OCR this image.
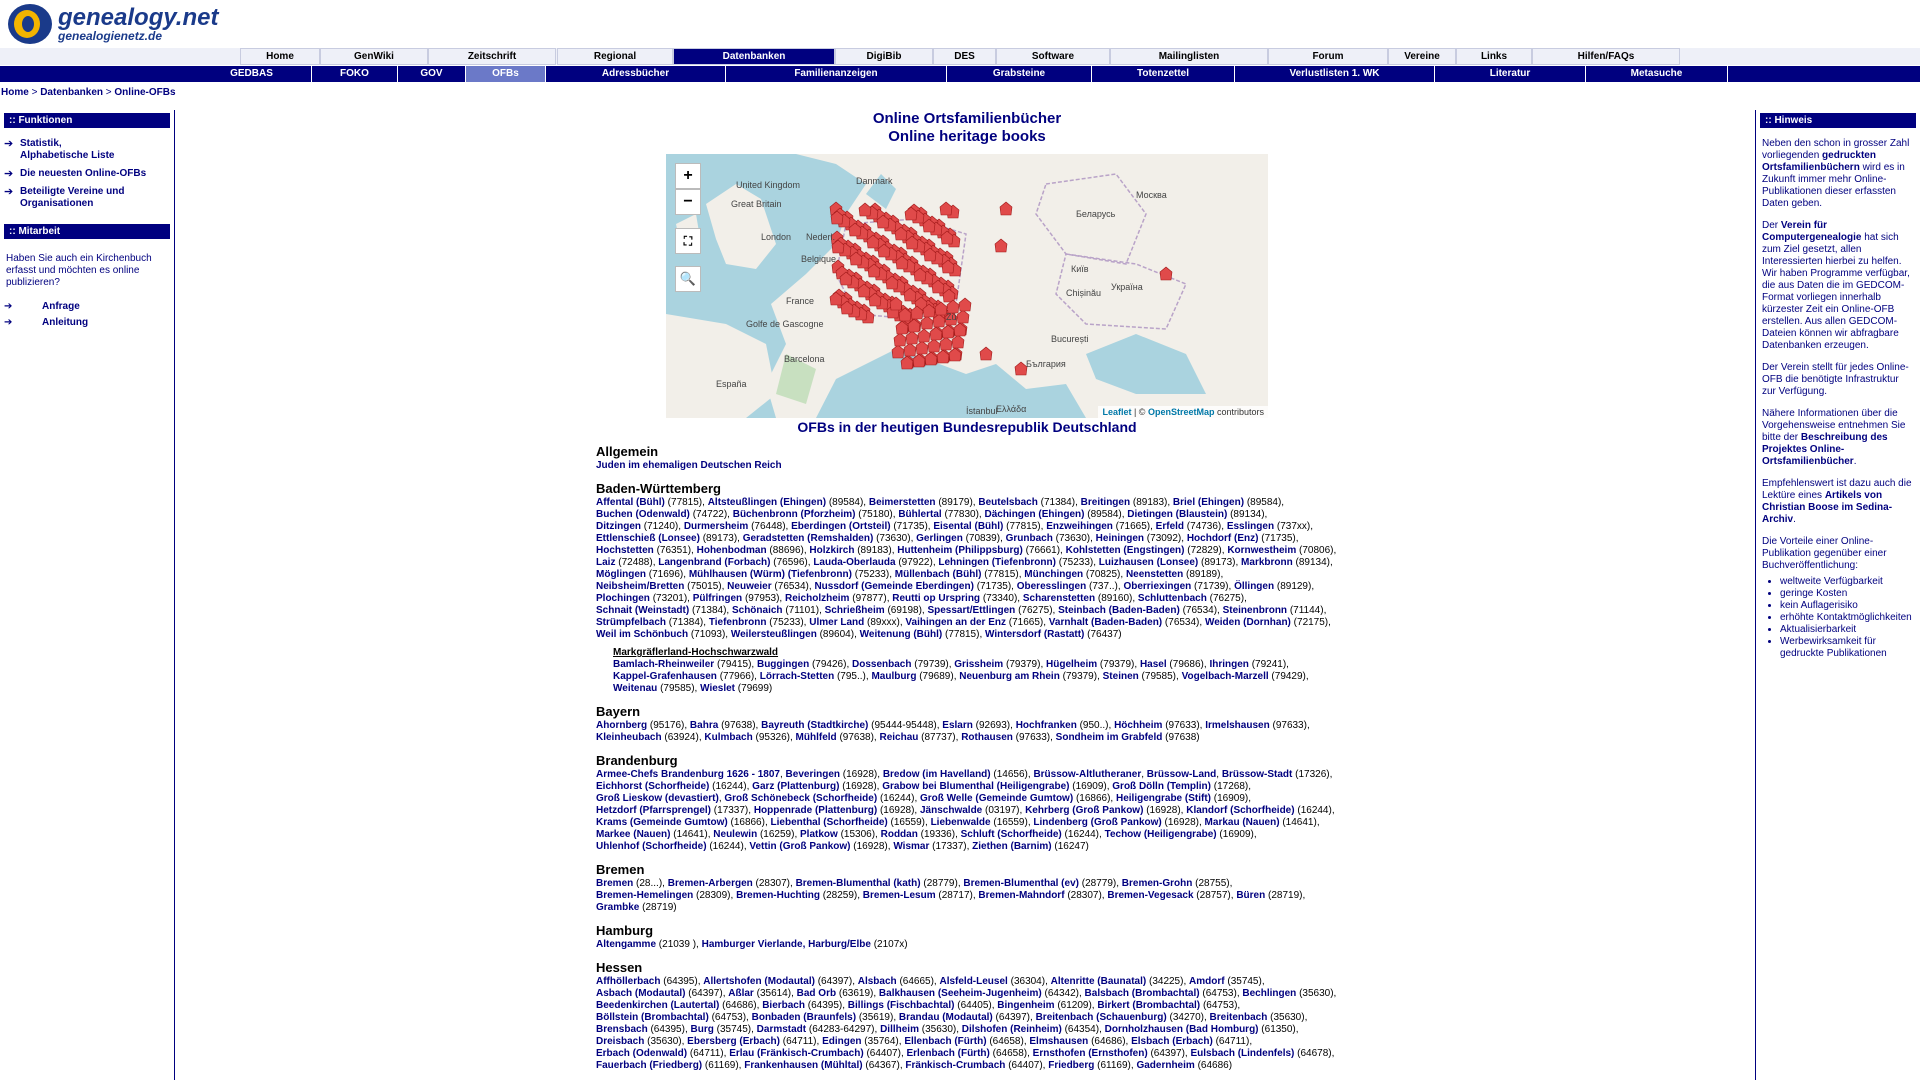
genealogy.net
genealogienetz.de
Home	GenWiki	Zeitschrift	Regional	Datenbanken	DigiBib	DES	Software	Mailinglisten	Forum	Vereine	Links	Hilfen/FAQs
GEDBAS	FOKO	GOV	OFBs	Adressbücher	Familienanzeigen	Grabsteine	Totenzettel	Verlustlisten 1. WK	Literatur	Metasuche
Home > Datenbanken > Online-OFBs
:: Funktionen
➔ Statistik,
Alphabetische Liste
➔ Die neuesten Online-OFBs
➔ Beteiligte Vereine und
Organisationen
:: Mitarbeit
Haben Sie auch ein Kirchenbuch erfasst und möchten es online publizieren?
➔	Anfrage
➔	Anleitung
Online Ortsfamilienbücher
Online heritage books
United Kingdom
Great Britain
London
Danmark
Nederl.
Belgique
France
Golfe de Gascogne
Barcelona
España
Москва
Беларусь
Київ
Україна
Chișinău
București
България
İstanbul
Zü
Ελλάδα
+
−
⛶
🔍
Leaflet | © OpenStreetMap contributors
OFBs in der heutigen Bundesrepublik Deutschland
Allgemein
Juden im ehemaligen Deutschen Reich
Baden-Württemberg
Affental (Bühl) (77815), Altsteußlingen (Ehingen) (89584), Beimerstetten (89179), Beutelsbach (71384), Breitingen (89183), Briel (Ehingen) (89584), Buchen (Odenwald) (74722), Büchenbronn (Pforzheim) (75180), Bühlertal (77830), Dächingen (Ehingen) (89584), Dietingen (Blaustein) (89134), Ditzingen (71240), Durmersheim (76448), Eberdingen (Ortsteil) (71735), Eisental (Bühl) (77815), Enzweihingen (71665), Erfeld (74736), Esslingen (737xx), Ettlenschieß (Lonsee) (89173), Geradstetten (Remshalden) (73630), Gerlingen (70839), Grunbach (73630), Heiningen (73092), Hochdorf (Enz) (71735), Hochstetten (76351), Hohenbodman (88696), Holzkirch (89183), Huttenheim (Philippsburg) (76661), Kohlstetten (Engstingen) (72829), Kornwestheim (70806), Laiz (72488), Langenbrand (Forbach) (76596), Lauda-Oberlauda (97922), Lehningen (Tiefenbronn) (75233), Luizhausen (Lonsee) (89173), Markbronn (89134), Möglingen (71696), Mühlhausen (Würm) (Tiefenbronn) (75233), Müllenbach (Bühl) (77815), Münchingen (70825), Neenstetten (89189), Neibsheim/Bretten (75015), Neuweier (76534), Nussdorf (Gemeinde Eberdingen) (71735), Oberesslingen (737..), Oberriexingen (71739), Öllingen (89129), Plochingen (73201), Pülfringen (97953), Reicholzheim (97877), Reutti op Urspring (73340), Scharenstetten (89160), Schluttenbach (76275), Schnait (Weinstadt) (71384), Schönaich (71101), Schrießheim (69198), Spessart/Ettlingen (76275), Steinbach (Baden-Baden) (76534), Steinenbronn (71144), Strümpfelbach (71384), Tiefenbronn (75233), Ulmer Land (89xxx), Vaihingen an der Enz (71665), Varnhalt (Baden-Baden) (76534), Weiden (Dornhan) (72175), Weil im Schönbuch (71093), Weilersteußlingen (89604), Weitenung (Bühl) (77815), Wintersdorf (Rastatt) (76437)
Markgräflerland-Hochschwarzwald
Bamlach-Rheinweiler (79415), Buggingen (79426), Dossenbach (79739), Grissheim (79379), Hügelheim (79379), Hasel (79686), Ihringen (79241), Kappel-Grafenhausen (77966), Lörrach-Stetten (795..), Maulburg (79689), Neuenburg am Rhein (79379), Steinen (79585), Vogelbach-Marzell (79429), Weitenau (79585), Wieslet (79699)
Bayern
Ahornberg (95176), Bahra (97638), Bayreuth (Stadtkirche) (95444-95448), Eslarn (92693), Hochfranken (950..), Höchheim (97633), Irmelshausen (97633), Kleinheubach (63924), Kulmbach (95326), Mühlfeld (97638), Reichau (87737), Rothausen (97633), Sondheim im Grabfeld (97638)
Brandenburg
Armee-Chefs Brandenburg 1626 - 1807, Beveringen (16928), Bredow (im Havelland) (14656), Brüssow-Altlutheraner, Brüssow-Land, Brüssow-Stadt (17326), Eichhorst (Schorfheide) (16244), Garz (Plattenburg) (16928), Grabow bei Blumenthal (Heiligengrabe) (16909), Groß Dölln (Templin) (17268), Groß Lieskow (devastiert), Groß Schönebeck (Schorfheide) (16244), Groß Welle (Gemeinde Gumtow) (16866), Heiligengrabe (Stift) (16909), Hetzdorf (Pfarrsprengel) (17337), Hoppenrade (Plattenburg) (16928), Jänschwalde (03197), Kehrberg (Groß Pankow) (16928), Klandorf (Schorfheide) (16244), Krams (Gemeinde Gumtow) (16866), Liebenthal (Schorfheide) (16559), Liebenwalde (16559), Lindenberg (Groß Pankow) (16928), Markau (Nauen) (14641), Markee (Nauen) (14641), Neulewin (16259), Platkow (15306), Roddan (19336), Schluft (Schorfheide) (16244), Techow (Heiligengrabe) (16909), Uhlenhof (Schorfheide) (16244), Vettin (Groß Pankow) (16928), Wismar (17337), Ziethen (Barnim) (16247)
Bremen
Bremen (28...), Bremen-Arbergen (28307), Bremen-Blumenthal (kath) (28779), Bremen-Blumenthal (ev) (28779), Bremen-Grohn (28755), Bremen-Hemelingen (28309), Bremen-Huchting (28259), Bremen-Lesum (28717), Bremen-Mahndorf (28307), Bremen-Vegesack (28757), Büren (28719), Grambke (28719)
Hamburg
Altengamme (21039 ), Hamburger Vierlande, Harburg/Elbe (2107x)
Hessen
Affhöllerbach (64395), Allertshofen (Modautal) (64397), Alsbach (64665), Alsfeld-Leusel (36304), Altenritte (Baunatal) (34225), Amdorf (35745), Asbach (Modautal) (64397), Aßlar (35614), Bad Orb (63619), Balkhausen (Seeheim-Jugenheim) (64342), Balsbach (Brombachtal) (64753), Bechlingen (35630), Beedenkirchen (Lautertal) (64686), Bierbach (64395), Billings (Fischbachtal) (64405), Bingenheim (61209), Birkert (Brombachtal) (64753), Böllstein (Brombachtal) (64753), Bonbaden (Braunfels) (35619), Brandau (Modautal) (64397), Breitenbach (Schauenburg) (34270), Breitenbach (35630), Brensbach (64395), Burg (35745), Darmstadt (64283-64297), Dillheim (35630), Dilshofen (Reinheim) (64354), Dornholzhausen (Bad Homburg) (61350), Dreisbach (35630), Ebersberg (Erbach) (64711), Edingen (35764), Ellenbach (Fürth) (64658), Elmshausen (64686), Elsbach (Erbach) (64711), Erbach (Odenwald) (64711), Erlau (Fränkisch-Crumbach) (64407), Erlenbach (Fürth) (64658), Ernsthofen (Ernsthofen) (64397), Eulsbach (Lindenfels) (64678), Fauerbach (Friedberg) (61169), Frankenhausen (Mühltal) (64367), Fränkisch-Crumbach (64407), Friedberg (61169), Gadernheim (64686)
:: Hinweis
Neben den schon in grosser Zahl vorliegenden gedruckten Ortsfamilienbüchern wird es in Zukunft immer mehr Online-Publikationen dieser erfassten Daten geben.
Der Verein für Computergenealogie hat sich zum Ziel gesetzt, allen Interessierten hierbei zu helfen. Wir haben Programme verfügbar, die aus Daten die im GEDCOM-Format vorliegen innerhalb kürzester Zeit ein Online-OFB erstellen. Aus allen GEDCOM-Dateien können wir abfragbare Datenbanken erzeugen.
Der Verein stellt für jedes Online-OFB die benötigte Infrastruktur zur Verfügung.
Nähere Informationen über die Vorgehensweise entnehmen Sie bitte der Beschreibung des Projektes Online-Ortsfamilienbücher.
Empfehlenswert ist dazu auch die Lektüre eines Artikels von Christian Boose im Sedina-Archiv.
Die Vorteile einer Online-Publikation gegenüber einer Buchveröffentlichung:
• weltweite Verfügbarkeit
• geringe Kosten
• kein Auflagerisiko
• erhöhte Kontaktmöglichkeiten
• Aktualisierbarkeit
• Werbewirksamkeit für gedruckte Publikationen
